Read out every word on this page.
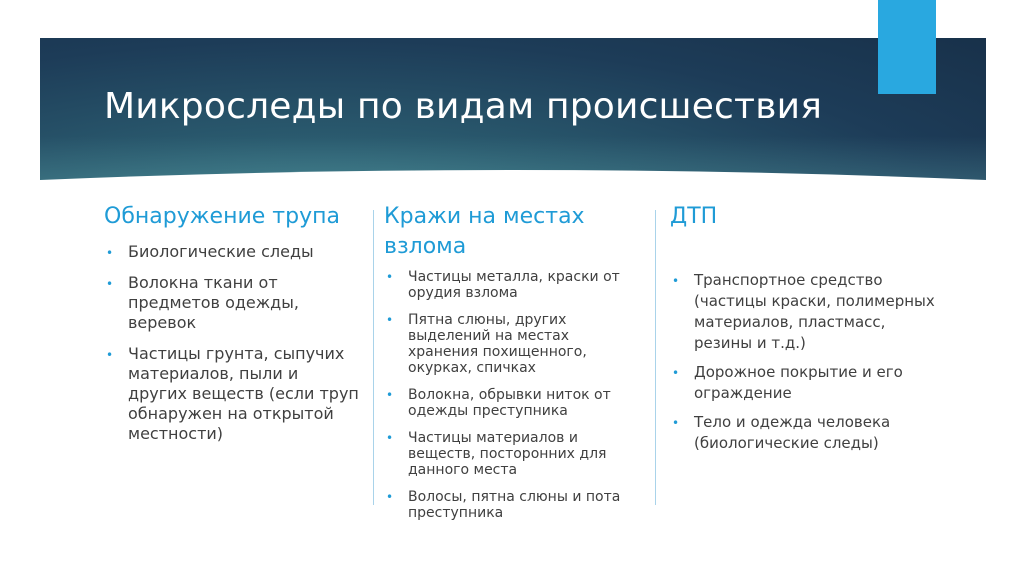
Микроследы по видам происшествия
Обнаружение трупа
• Биологические следы
• Волокна ткани от предметов одежды, веревок
• Частицы грунта, сыпучих материалов, пыли и других веществ (если труп обнаружен на открытой местности)
Кражи на местах взлома
• Частицы металла, краски от орудия взлома
• Пятна слюны, других выделений на местах хранения похищенного, окурках, спичках
• Волокна, обрывки ниток от одежды преступника
• Частицы материалов и веществ, посторонних для данного места
• Волосы, пятна слюны и пота преступника
ДТП
• Транспортное средство (частицы краски, полимерных материалов, пластмасс, резины и т.д.)
• Дорожное покрытие и его ограждение
• Тело и одежда человека (биологические следы)
